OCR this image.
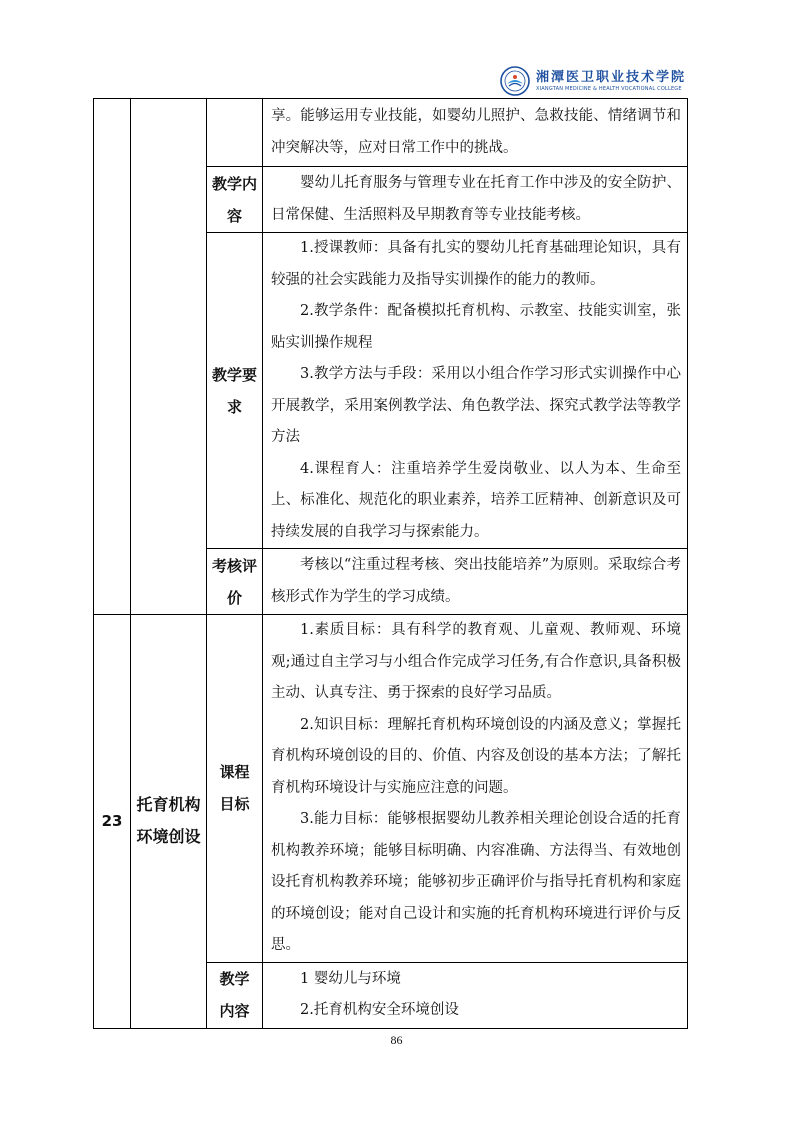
湘潭医卫职业技术学院
XIANGTAN MEDICINE & HEALTH VOCATIONAL COLLEGE

			享。能够运用专业技能，如婴幼儿照护、急救技能、情绪调节和冲突解决等，应对日常工作中的挑战。

		教学内容	婴幼儿托育服务与管理专业在托育工作中涉及的安全防护、日常保健、生活照料及早期教育等专业技能考核。

		教学要求	1.授课教师：具备有扎实的婴幼儿托育基础理论知识，具有较强的社会实践能力及指导实训操作的能力的教师。

2.教学条件：配备模拟托育机构、示教室、技能实训室，张贴实训操作规程

3.教学方法与手段：采用以小组合作学习形式实训操作中心开展教学，采用案例教学法、角色教学法、探究式教学法等教学方法

4.课程育人：注重培养学生爱岗敬业、以人为本、生命至上、标准化、规范化的职业素养，培养工匠精神、创新意识及可持续发展的自我学习与探索能力。

		考核评价	考核以“注重过程考核、突出技能培养”为原则。采取综合考核形式作为学生的学习成绩。

23	托育机构环境创设	课程目标	1.素质目标：具有科学的教育观、儿童观、教师观、环境观;通过自主学习与小组合作完成学习任务,有合作意识,具备积极主动、认真专注、勇于探索的良好学习品质。

2.知识目标：理解托育机构环境创设的内涵及意义；掌握托育机构环境创设的目的、价值、内容及创设的基本方法；了解托育机构环境设计与实施应注意的问题。

3.能力目标：能够根据婴幼儿教养相关理论创设合适的托育机构教养环境；能够目标明确、内容准确、方法得当、有效地创设托育机构教养环境；能够初步正确评价与指导托育机构和家庭的环境创设；能对自己设计和实施的托育机构环境进行评价与反思。

		教学内容	1 婴幼儿与环境

2.托育机构安全环境创设

86
